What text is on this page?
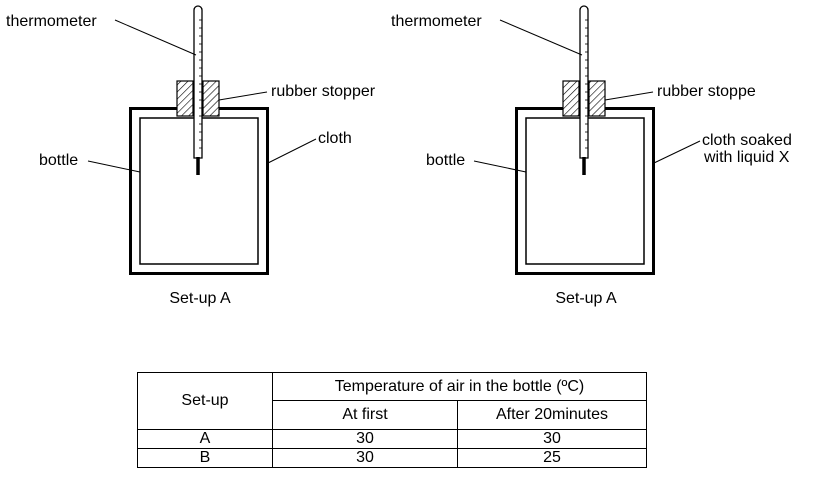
thermometer
rubber stopper
cloth
bottle
Set-up A
thermometer
rubber stoppe
cloth soaked
with liquid X
bottle
Set-up A
Set-up	Temperature of air in the bottle (ºC)	
	At first	After 20minutes
A	30	30
B	30	25
